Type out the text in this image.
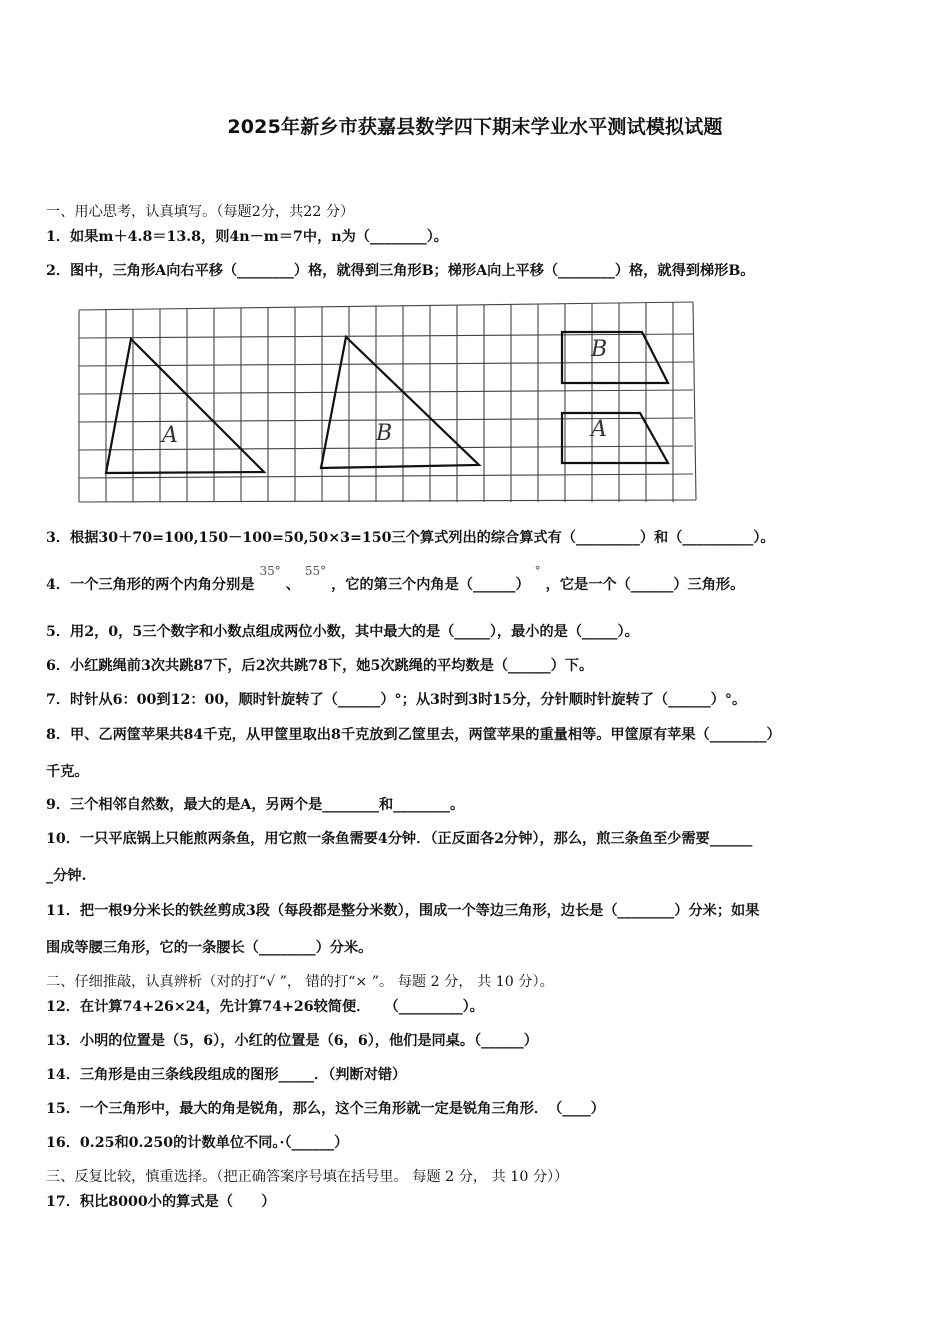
2025年新乡市获嘉县数学四下期末学业水平测试模拟试题
一、用心思考，认真填写。（每题2分，共22 分）
1．如果m＋4.8＝13.8，则4n－m＝7中，n为（________）。
2．图中，三角形A向右平移（________）格，就得到三角形B；梯形A向上平移（________）格，就得到梯形B。
A	B
B
A
3．根据30＋70=100,150－100=50,50×3=150三个算式列出的综合算式有（_________）和（__________）。
4．一个三角形的两个内角分别是 $^{35^\circ}$ 、 $^{55^\circ}$ ，它的第三个内角是（______） ° ，它是一个（______）三角形。
5．用2，0，5三个数字和小数点组成两位小数，其中最大的是（_____），最小的是（_____）。
6．小红跳绳前3次共跳87下，后2次共跳78下，她5次跳绳的平均数是（______）下。
7．时针从6：00到12：00，顺时针旋转了（______）°；从3时到3时15分，分针顺时针旋转了（______）°。
8．甲、乙两筐苹果共84千克，从甲筐里取出8千克放到乙筐里去，两筐苹果的重量相等。甲筐原有苹果（________）
千克。
9．三个相邻自然数，最大的是A，另两个是________和________。
10．一只平底锅上只能煎两条鱼，用它煎一条鱼需要4分钟．（正反面各2分钟），那么，煎三条鱼至少需要______
_分钟.
11．把一根9分米长的铁丝剪成3段（每段都是整分米数），围成一个等边三角形，边长是（________）分米；如果
围成等腰三角形，它的一条腰长（________）分米。
二、仔细推敲，认真辨析（对的打“√ ”， 错的打“× ”。 每题 2 分， 共 10 分）。
12．在计算74+26×24，先计算74+26较简便．　　（_________）。
13．小明的位置是（5，6），小红的位置是（6，6），他们是同桌。（______）
14．三角形是由三条线段组成的图形_____．（判断对错）
15．一个三角形中，最大的角是锐角，那么，这个三角形就一定是锐角三角形．　（____）
16．0.25和0.250的计数单位不同。·（______）
三、反复比较，慎重选择。（把正确答案序号填在括号里。 每题 2 分， 共 10 分））
17．积比8000小的算式是（　　）
